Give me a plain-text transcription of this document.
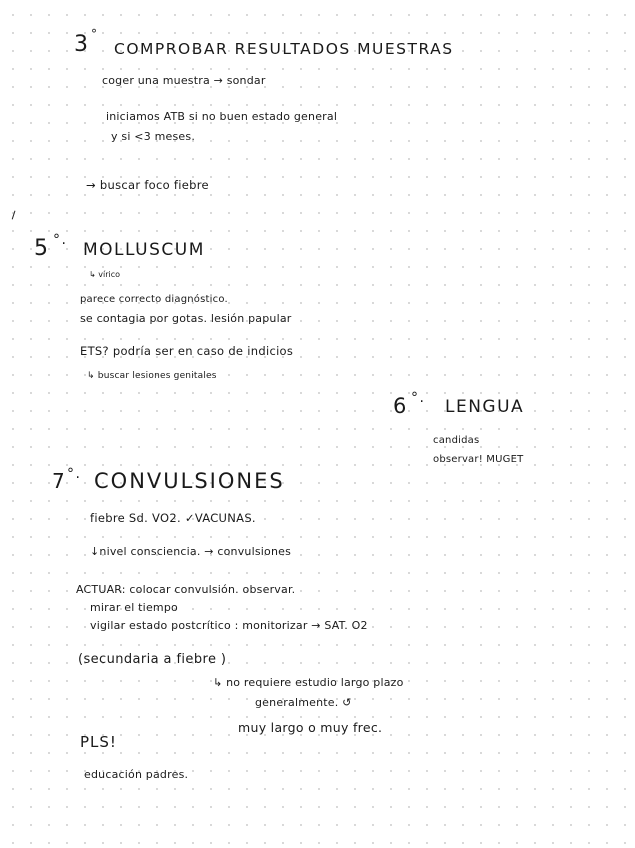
3 °
COMPROBAR RESULTADOS MUESTRAS
coger una muestra → sondar
iniciamos ATB si no buen estado general
y si <3 meses.
→ buscar foco fiebre
5 °. MOLLUSCUM
↳ vírico
parece correcto diagnóstico.
se contagia por gotas. lesión papular
ETS? podría ser en caso de indicios
↳ buscar lesiones genitales
6 °. LENGUA
candidas
observar! MUGET
7 °. CONVULSIONES
fiebre Sd. VO2. ✓VACUNAS.
↓nivel consciencia. → convulsiones
ACTUAR: colocar convulsión. observar.
mirar el tiempo
vigilar estado postcrítico : monitorizar → SAT. O2
(secundaria a fiebre )
↳ no requiere estudio largo plazo
generalmente. ↺
muy largo o muy frec.
PLS!
educación padres.
